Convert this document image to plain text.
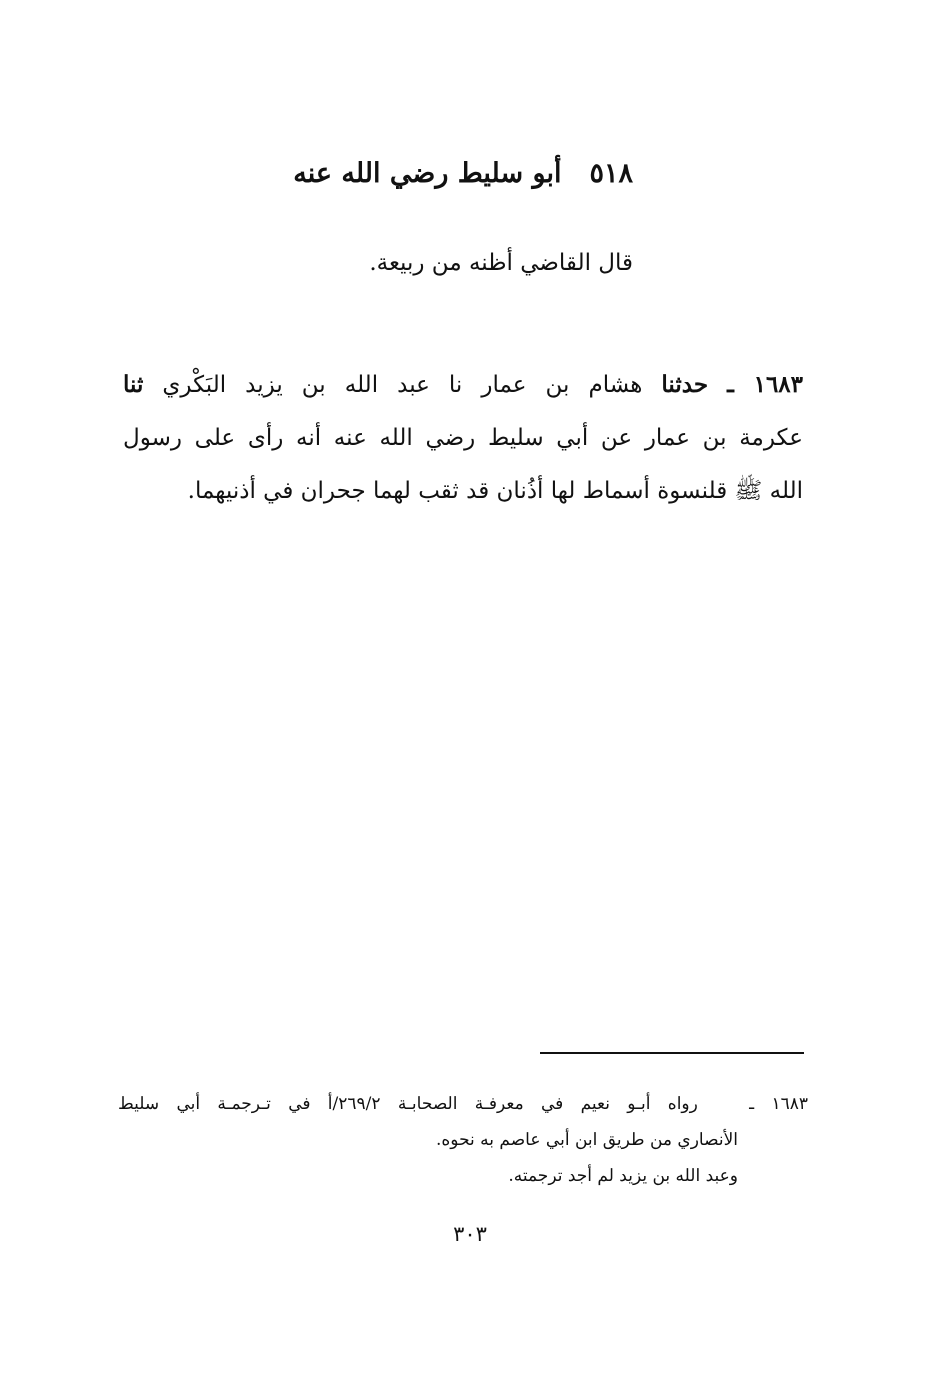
٥١٨أبو سليط رضي الله عنه
قال القاضي أظنه من ربيعة.
١٦٨٣ ـ حدثنا هشام بن عمار نا عبد الله بن يزيد البَكْري ثنا
عكرمة بن عمار عن أبي سليط رضي الله عنه أنه رأى على رسول
الله ﷺ قلنسوة أسماط لها أذُنان قد ثقب لهما جحران في أذنيهما.
١٦٨٣ ـ رواه أبـو نعيم في معرفـة الصحابـة ٢٦٩/٢/أ في تـرجمـة أبي سليط
الأنصاري من طريق ابن أبي عاصم به نحوه.
وعبد الله بن يزيد لم أجد ترجمته.
٣٠٣
